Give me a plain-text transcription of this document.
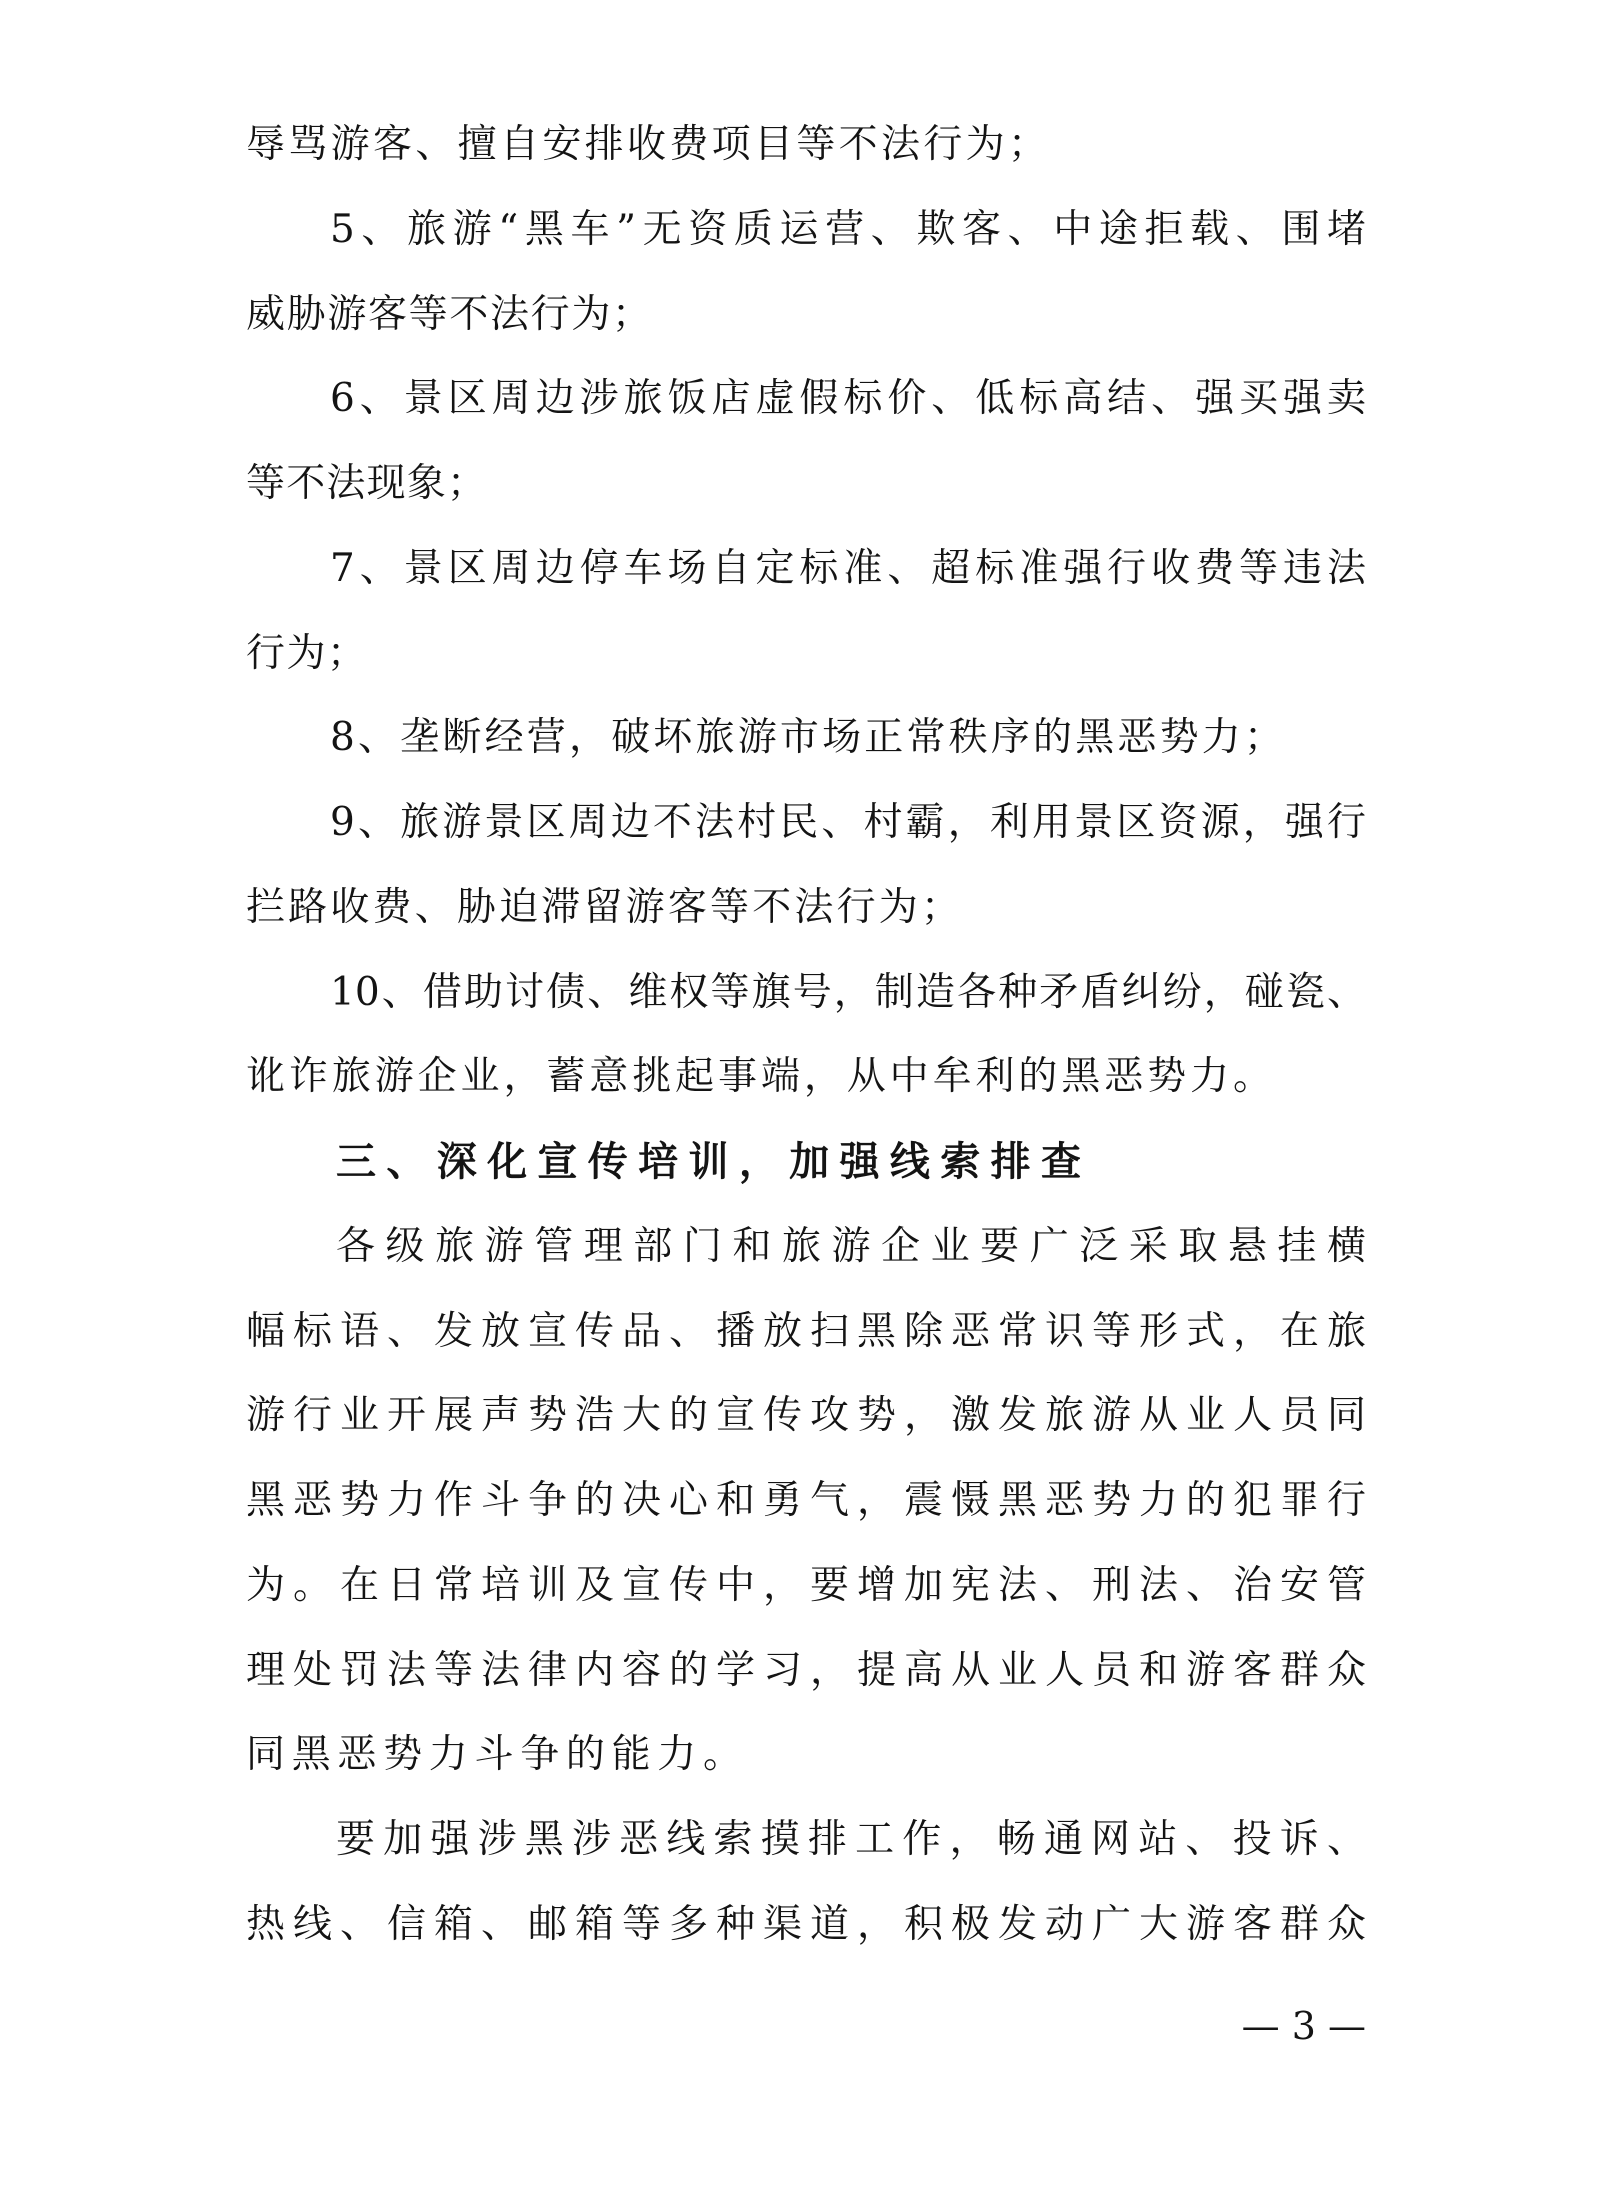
辱骂游客、擅自安排收费项目等不法行为；
5、旅游“黑车”无资质运营、欺客、中途拒载、围堵
威胁游客等不法行为；
6、景区周边涉旅饭店虚假标价、低标高结、强买强卖
等不法现象；
7、景区周边停车场自定标准、超标准强行收费等违法
行为；
8、垄断经营，破坏旅游市场正常秩序的黑恶势力；
9、旅游景区周边不法村民、村霸，利用景区资源，强行
拦路收费、胁迫滞留游客等不法行为；
10、借助讨债、维权等旗号，制造各种矛盾纠纷，碰瓷、
讹诈旅游企业，蓄意挑起事端，从中牟利的黑恶势力。
三、深化宣传培训，加强线索排查
各级旅游管理部门和旅游企业要广泛采取悬挂横
幅标语、发放宣传品、播放扫黑除恶常识等形式，在旅
游行业开展声势浩大的宣传攻势，激发旅游从业人员同
黑恶势力作斗争的决心和勇气，震慑黑恶势力的犯罪行
为。在日常培训及宣传中，要增加宪法、刑法、治安管
理处罚法等法律内容的学习，提高从业人员和游客群众
同黑恶势力斗争的能力。
要加强涉黑涉恶线索摸排工作，畅通网站、投诉、
热线、信箱、邮箱等多种渠道，积极发动广大游客群众
— 3 —
